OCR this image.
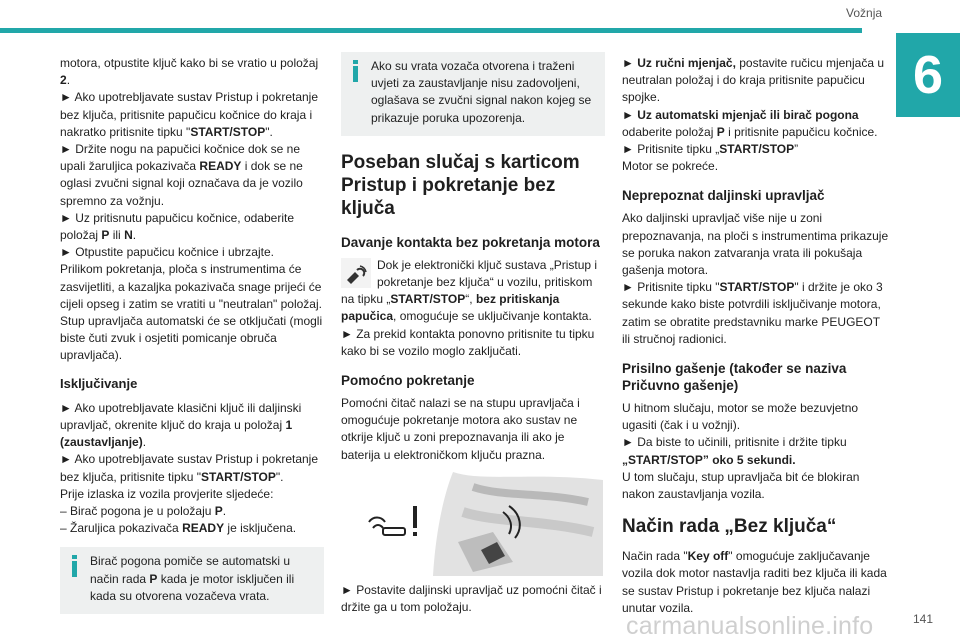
Vožnja
6

motora, otpustite ključ kako bi se vratio u položaj 2.

► Ako upotrebljavate sustav Pristup i pokretanje bez ključa, pritisnite papučicu kočnice do kraja i nakratko pritisnite tipku "START/STOP".

► Držite nogu na papučici kočnice dok se ne upali žaruljica pokazivača READY i dok se ne oglasi zvučni signal koji označava da je vozilo spremno za vožnju.

► Uz pritisnutu papučicu kočnice, odaberite položaj P ili N.

► Otpustite papučicu kočnice i ubrzajte.

Prilikom pokretanja, ploča s instrumentima će zasvijetliti, a kazaljka pokazivača snage prijeći će cijeli opseg i zatim se vratiti u "neutralan" položaj. Stup upravljača automatski će se otključati (mogli biste čuti zvuk i osjetiti pomicanje obruča upravljača).

Isključivanje

► Ako upotrebljavate klasični ključ ili daljinski upravljač, okrenite ključ do kraja u položaj 1 (zaustavljanje).

► Ako upotrebljavate sustav Pristup i pokretanje bez ključa, pritisnite tipku "START/STOP".

Prije izlaska iz vozila provjerite sljedeće:

– Birač pogona je u položaju P.

– Žaruljica pokazivača READY je isključena.

Birač pogona pomiče se automatski u

način rada P kada je motor isključen ili kada su otvorena vozačeva vrata.

Ako su vrata vozača otvorena i traženi

uvjeti za zaustavljanje nisu zadovoljeni, oglašava se zvučni signal nakon kojeg se prikazuje poruka upozorenja.

Poseban slučaj s karticom Pristup i pokretanje bez ključa
Davanje kontakta bez pokretanja motora

Dok je elektronički ključ sustava „Pristup i pokretanje bez ključa“ u vozilu, pritiskom na tipku „START/STOP“, bez pritiskanja papučica, omogućuje se uključivanje kontakta.

► Za prekid kontakta ponovno pritisnite tu tipku kako bi se vozilo moglo zaključati.

Pomoćno pokretanje

Pomoćni čitač nalazi se na stupu upravljača i omogućuje pokretanje motora ako sustav ne otkrije ključ u zoni prepoznavanja ili ako je baterija u elektroničkom ključu prazna.

► Postavite daljinski upravljač uz pomoćni čitač i držite ga u tom položaju.

► Uz ručni mjenjač, postavite ručicu mjenjača u neutralan položaj i do kraja pritisnite papučicu spojke.

► Uz automatski mjenjač ili birač pogona odaberite položaj P i pritisnite papučicu kočnice.

► Pritisnite tipku „START/STOP”

Motor se pokreće.

Neprepoznat daljinski upravljač

Ako daljinski upravljač više nije u zoni prepoznavanja, na ploči s instrumentima prikazuje se poruka nakon zatvaranja vrata ili pokušaja gašenja motora.

► Pritisnite tipku "START/STOP" i držite je oko 3 sekunde kako biste potvrdili isključivanje motora, zatim se obratite predstavniku marke PEUGEOT ili stručnoj radionici.

Prisilno gašenje (također se naziva Pričuvno gašenje)

U hitnom slučaju, motor se može bezuvjetno ugasiti (čak i u vožnji).

► Da biste to učinili, pritisnite i držite tipku „START/STOP” oko 5 sekundi.

U tom slučaju, stup upravljača bit će blokiran nakon zaustavljanja vozila.

Način rada „Bez ključa“

Način rada "Key off" omogućuje zaključavanje vozila dok motor nastavlja raditi bez ključa ili kada se sustav Pristup i pokretanje bez ključa nalazi unutar vozila.

carmanualsonline.info	141
